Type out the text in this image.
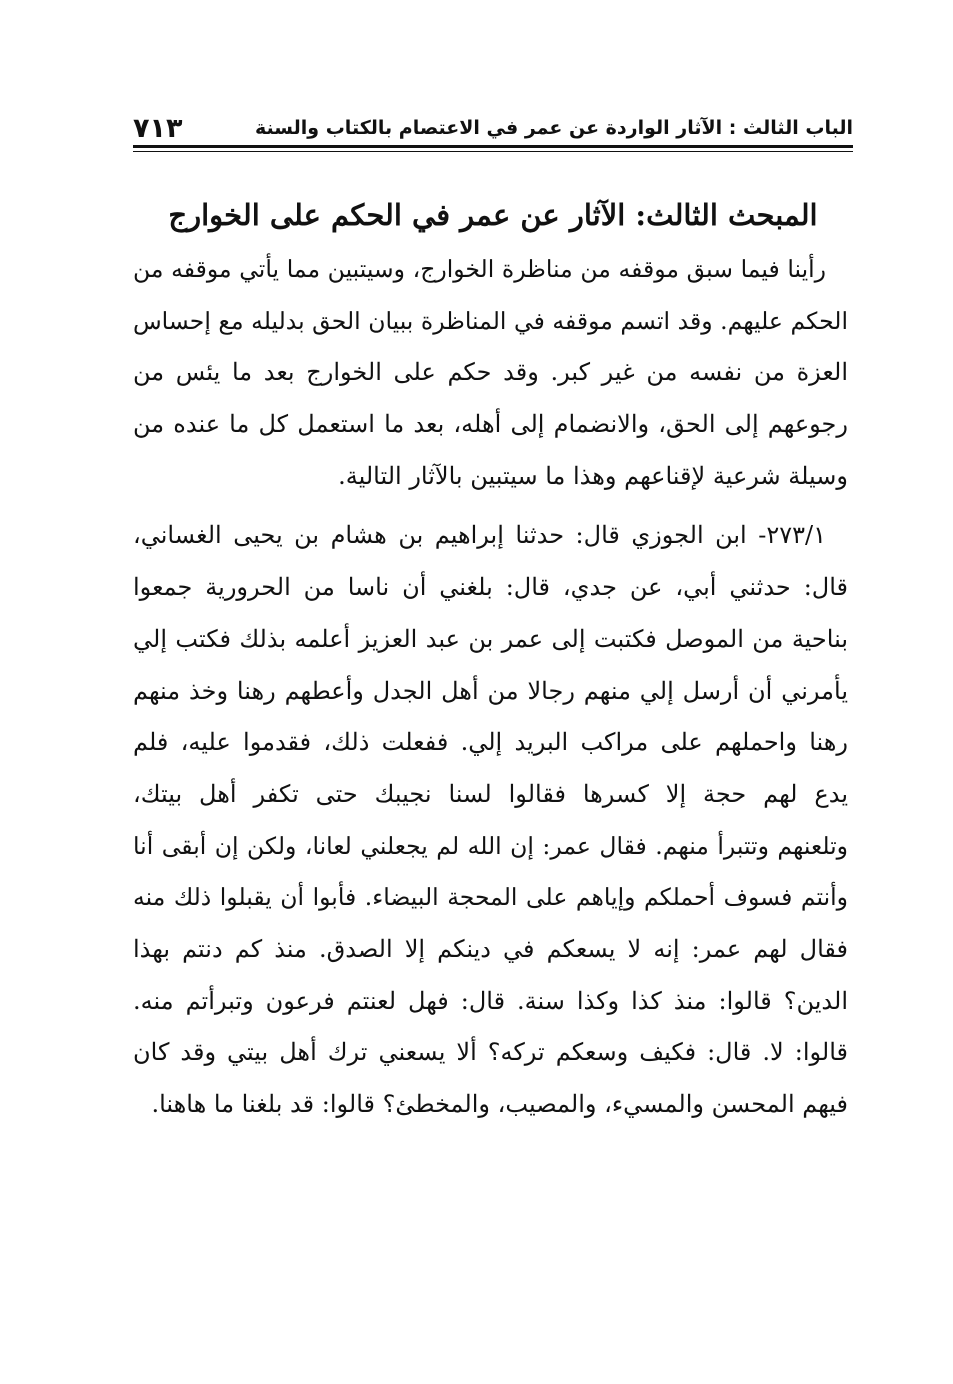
الباب الثالث : الآثار الواردة عن عمر في الاعتصام بالكتاب والسنة
٧١٣
المبحث الثالث: الآثار عن عمر في الحكم على الخوارج
رأينا فيما سبق موقفه من مناظرة الخوارج، وسيتبين مما يأتي موقفه من
الحكم عليهم. وقد اتسم موقفه في المناظرة ببيان الحق بدليله مع إحساس
العزة من نفسه من غير كبر. وقد حكم على الخوارج بعد ما يئس من
رجوعهم إلى الحق، والانضمام إلى أهله، بعد ما استعمل كل ما عنده من
وسيلة شرعية لإقناعهم وهذا ما سيتبين بالآثار التالية.
٢٧٣/١- ابن الجوزي قال: حدثنا إبراهيم بن هشام بن يحيى الغساني،
قال: حدثني أبي، عن جدي، قال: بلغني أن ناسا من الحرورية جمعوا
بناحية من الموصل فكتبت إلى عمر بن عبد العزيز أعلمه بذلك فكتب إلي
يأمرني أن أرسل إلي منهم رجالا من أهل الجدل وأعطهم رهنا وخذ منهم
رهنا واحملهم على مراكب البريد إلي. ففعلت ذلك، فقدموا عليه، فلم
يدع لهم حجة إلا كسرها فقالوا لسنا نجيبك حتى تكفر أهل بيتك،
وتلعنهم وتتبرأ منهم. فقال عمر: إن الله لم يجعلني لعانا، ولكن إن أبقى أنا
وأنتم فسوف أحملكم وإياهم على المحجة البيضاء. فأبوا أن يقبلوا ذلك منه
فقال لهم عمر: إنه لا يسعكم في دينكم إلا الصدق. منذ كم دنتم بهذا
الدين؟ قالوا: منذ كذا وكذا سنة. قال: فهل لعنتم فرعون وتبرأتم منه.
قالوا: لا. قال: فكيف وسعكم تركه؟ ألا يسعني ترك أهل بيتي وقد كان
فيهم المحسن والمسيء، والمصيب، والمخطئ؟ قالوا: قد بلغنا ما هاهنا.
